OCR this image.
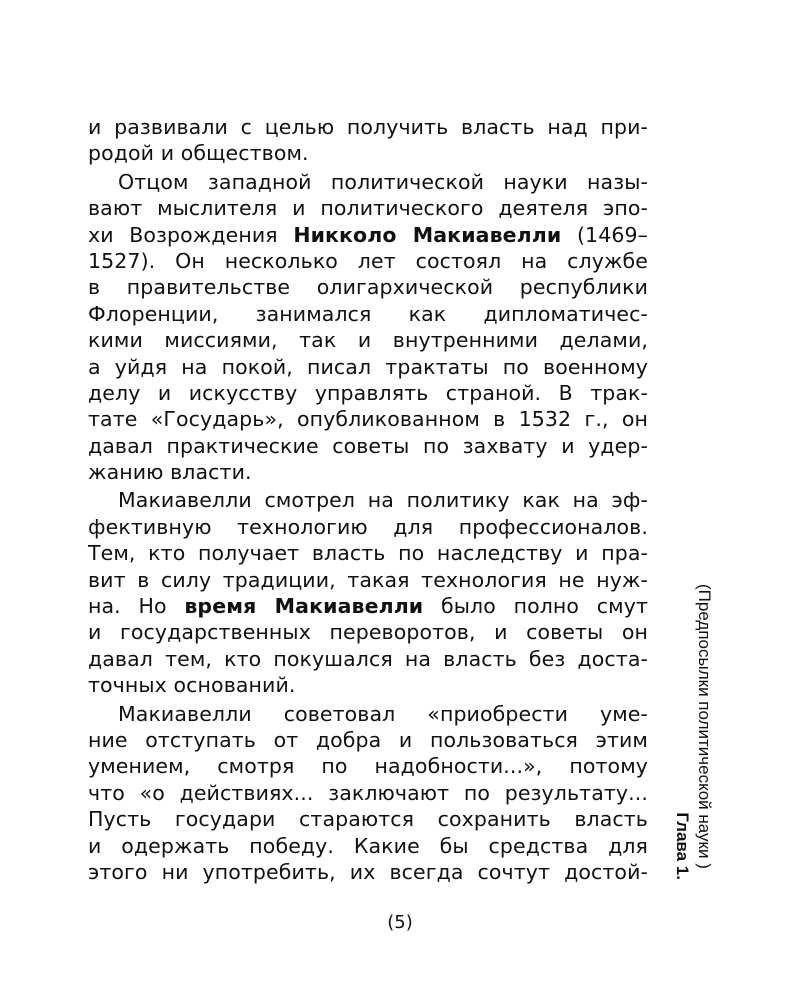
и развивали с целью получить власть над при-
родой и обществом.
Отцом западной политической науки назы-
вают мыслителя и политического деятеля эпо-
хи Возрождения Никколо Макиавелли (1469–
1527). Он несколько лет состоял на службе
в правительстве олигархической республики
Флоренции, занимался как дипломатичес-
кими миссиями, так и внутренними делами,
а уйдя на покой, писал трактаты по военному
делу и искусству управлять страной. В трак-
тате «Государь», опубликованном в 1532 г., он
давал практические советы по захвату и удер-
жанию власти.
Макиавелли смотрел на политику как на эф-
фективную технологию для профессионалов.
Тем, кто получает власть по наследству и пра-
вит в силу традиции, такая технология не нуж-
на. Но время Макиавелли было полно смут
и государственных переворотов, и советы он
давал тем, кто покушался на власть без доста-
точных оснований.
Макиавелли советовал «приобрести уме-
ние отступать от добра и пользоваться этим
умением, смотря по надобности...», потому
что «о действиях... заключают по результату...
Пусть государи стараются сохранить власть
и одержать победу. Какие бы средства для
этого ни употребить, их всегда сочтут достой-
(Предпосылки политической науки )
Глава 1.
(5)
